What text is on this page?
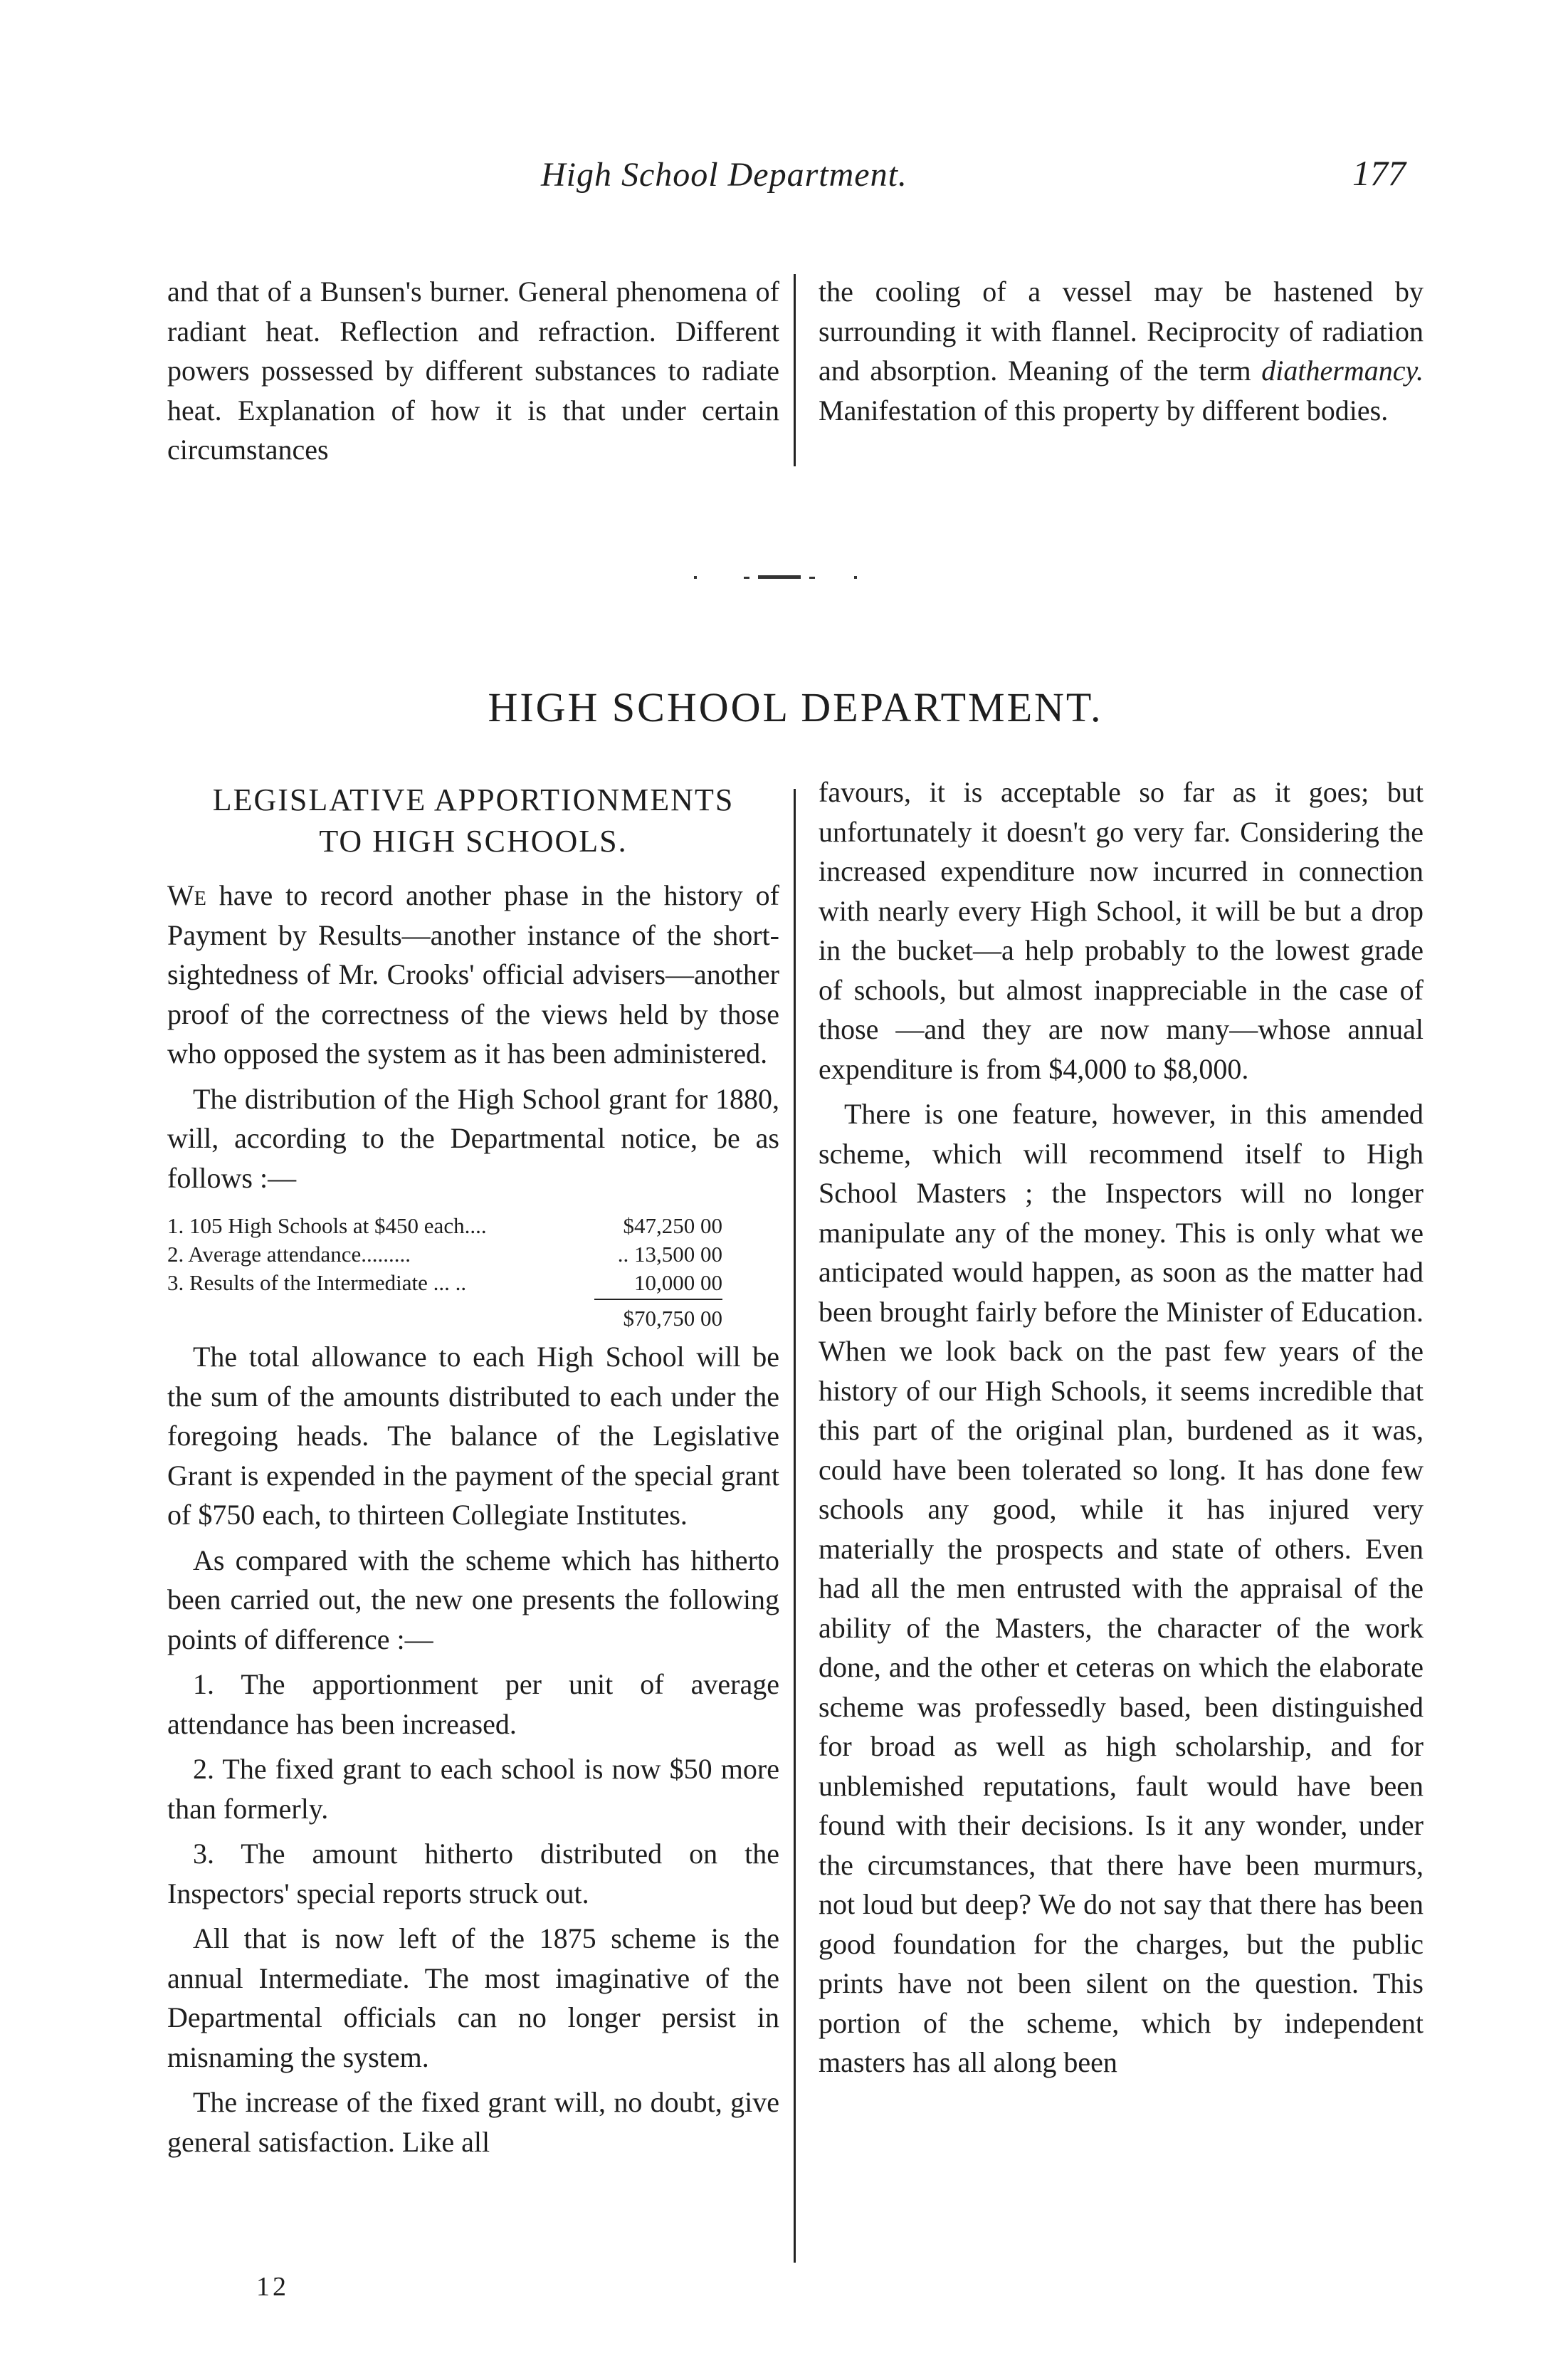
High School Department.	177

and that of a Bunsen's burner. General phenomena of radiant heat. Reflection and refraction. Different powers possessed by different substances to radiate heat. Explanation of how it is that under certain circumstances

the cooling of a vessel may be hastened by surrounding it with flannel. Reciprocity of radiation and absorption. Meaning of the term diathermancy. Manifestation of this property by different bodies.

HIGH SCHOOL DEPARTMENT.
LEGISLATIVE APPORTIONMENTS
TO HIGH SCHOOLS.

We have to record another phase in the history of Payment by Results—another instance of the short-sightedness of Mr. Crooks' official advisers—another proof of the correctness of the views held by those who opposed the system as it has been administered.

The distribution of the High School grant for 1880, will, according to the Departmental notice, be as follows :—

1. 105 High Schools at $450 each....	$47,250 00
2. Average attendance.........	.. 13,500 00
3. Results of the Intermediate ... ..	10,000 00
$70,750 00

The total allowance to each High School will be the sum of the amounts distributed to each under the foregoing heads. The balance of the Legislative Grant is expended in the payment of the special grant of $750 each, to thirteen Collegiate Institutes.

As compared with the scheme which has hitherto been carried out, the new one presents the following points of difference :—

1. The apportionment per unit of average attendance has been increased.

2. The fixed grant to each school is now $50 more than formerly.

3. The amount hitherto distributed on the Inspectors' special reports struck out.

All that is now left of the 1875 scheme is the annual Intermediate. The most imaginative of the Departmental officials can no longer persist in misnaming the system.

The increase of the fixed grant will, no doubt, give general satisfaction. Like all

favours, it is acceptable so far as it goes; but unfortunately it doesn't go very far. Considering the increased expenditure now incurred in connection with nearly every High School, it will be but a drop in the bucket—a help probably to the lowest grade of schools, but almost inappreciable in the case of those —and they are now many—whose annual expenditure is from $4,000 to $8,000.

There is one feature, however, in this amended scheme, which will recommend itself to High School Masters ; the Inspectors will no longer manipulate any of the money. This is only what we anticipated would happen, as soon as the matter had been brought fairly before the Minister of Education. When we look back on the past few years of the history of our High Schools, it seems incredible that this part of the original plan, burdened as it was, could have been tolerated so long. It has done few schools any good, while it has injured very materially the prospects and state of others. Even had all the men entrusted with the appraisal of the ability of the Masters, the character of the work done, and the other et ceteras on which the elaborate scheme was professedly based, been distinguished for broad as well as high scholarship, and for unblemished reputations, fault would have been found with their decisions. Is it any wonder, under the circumstances, that there have been murmurs, not loud but deep? We do not say that there has been good foundation for the charges, but the public prints have not been silent on the question. This portion of the scheme, which by independent masters has all along been

12
